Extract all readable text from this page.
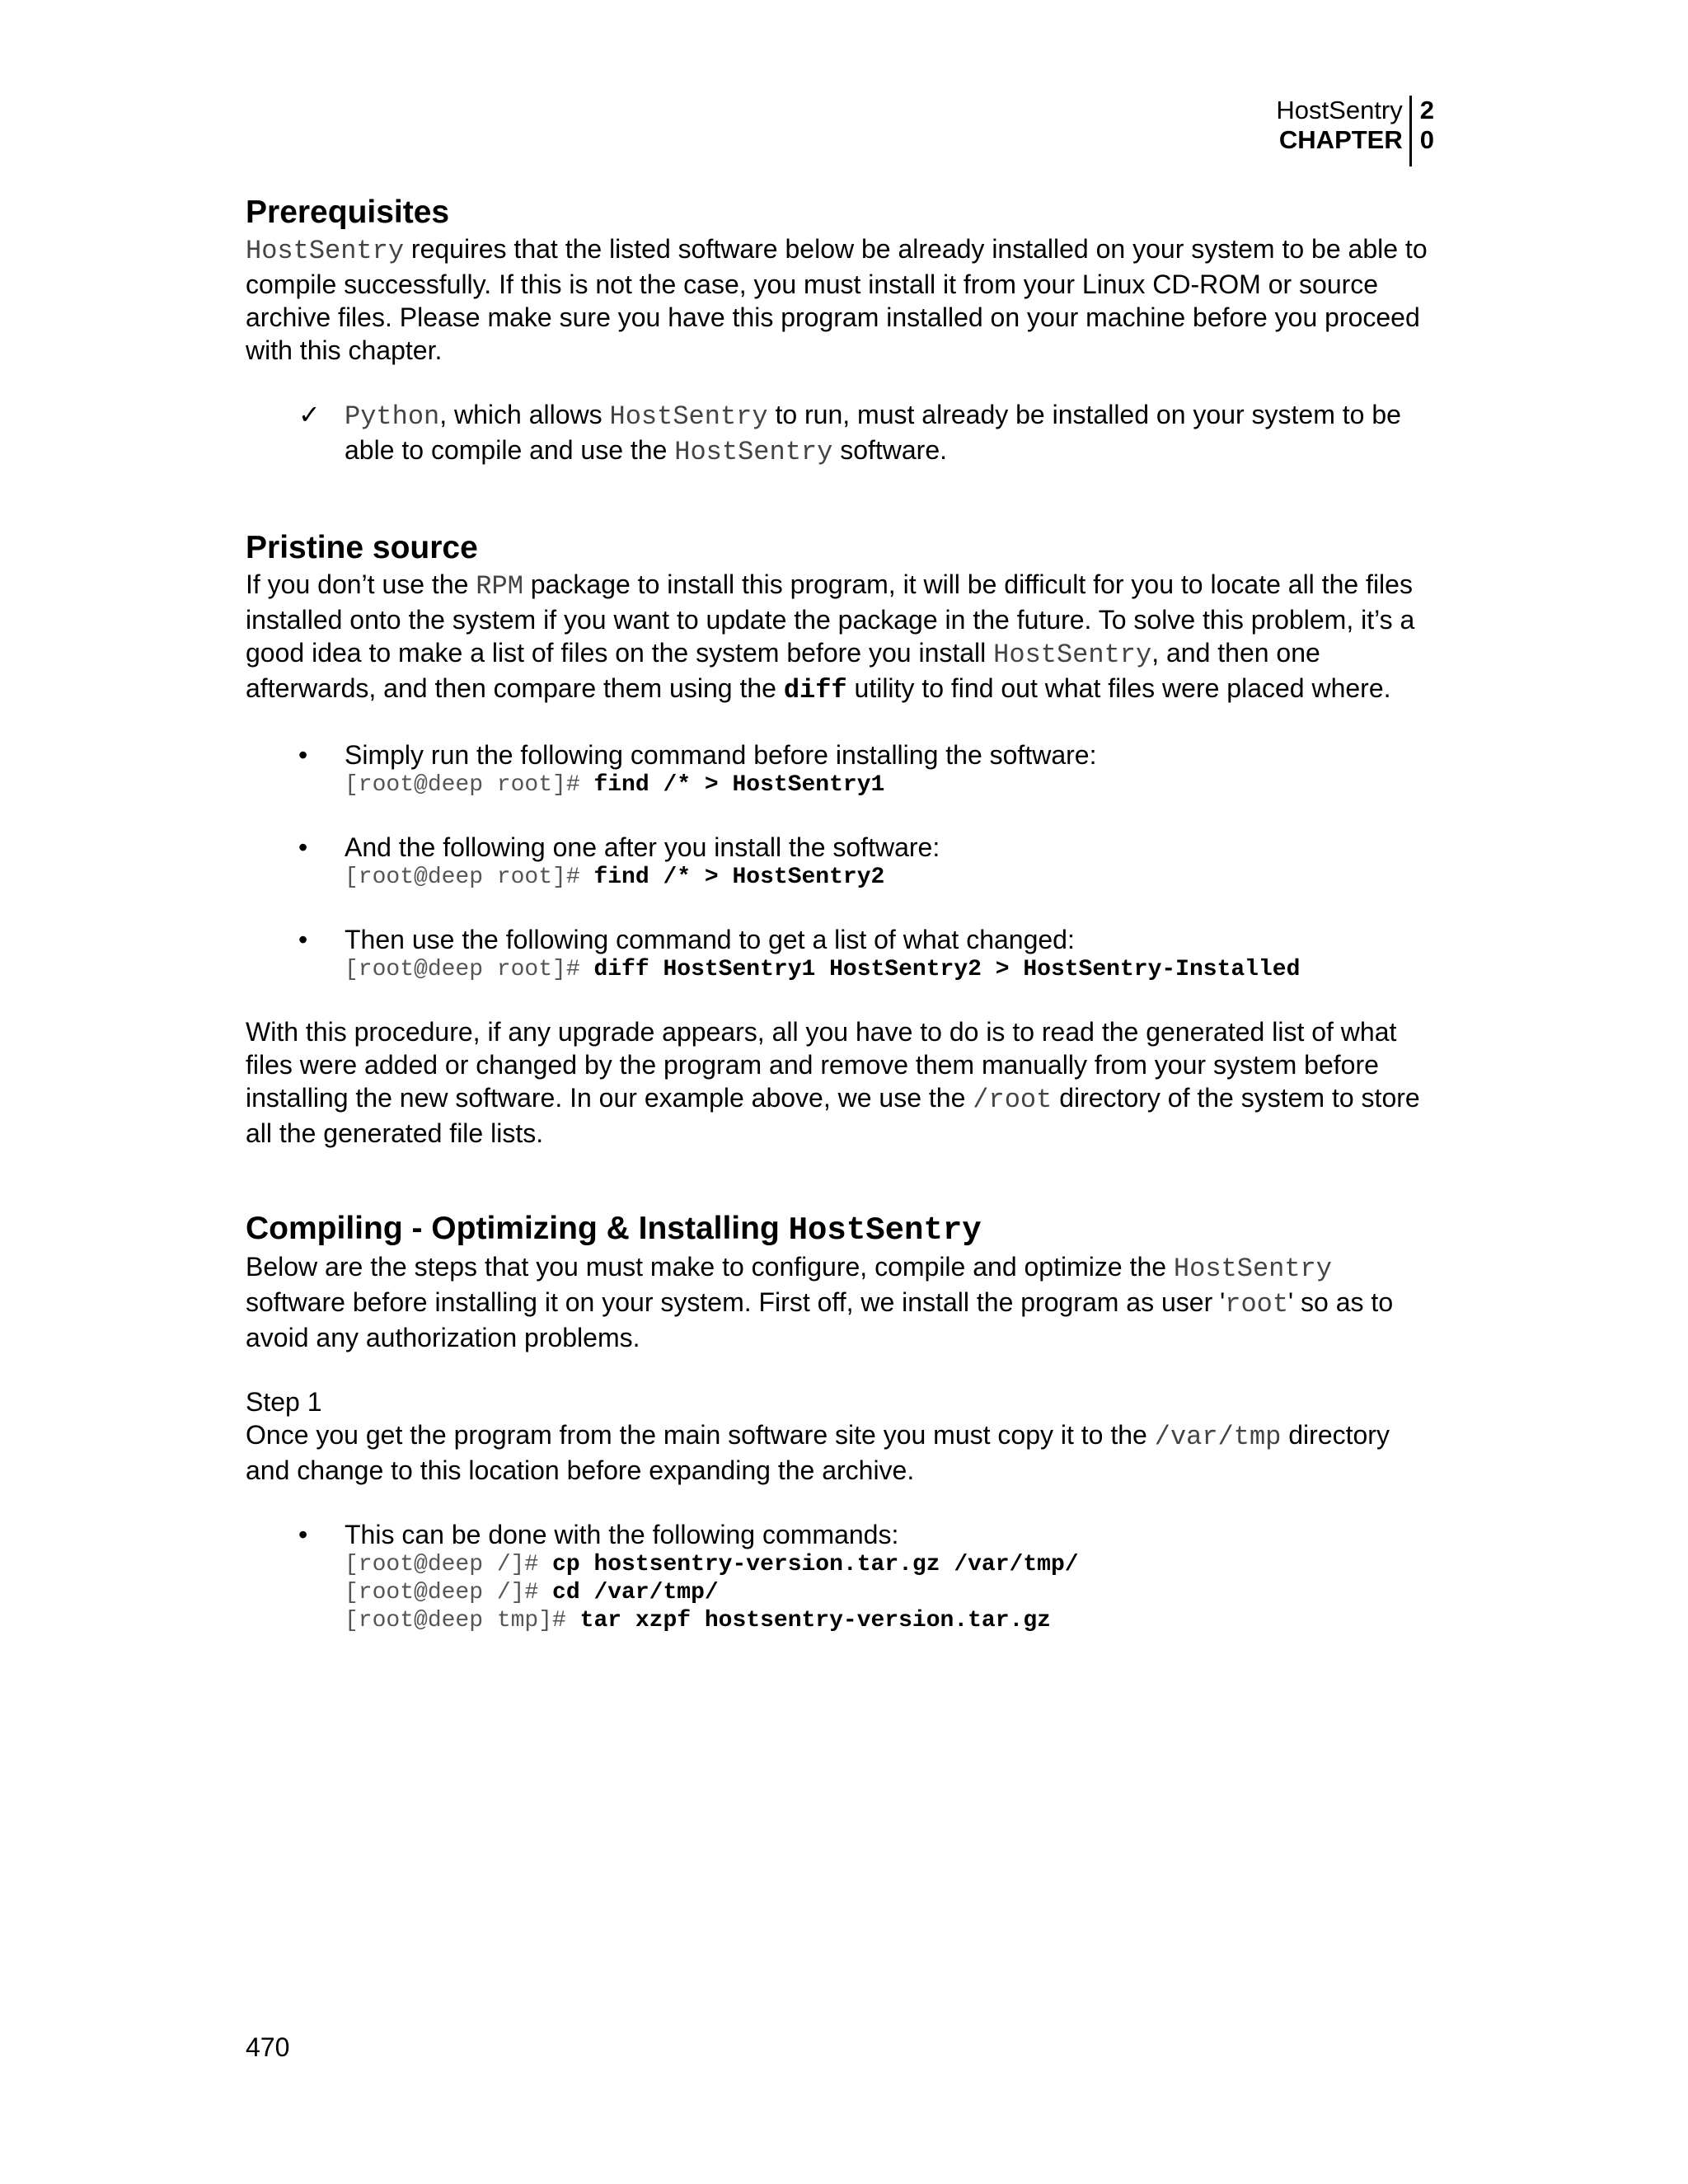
HostSentry
CHAPTER
2
0
Prerequisites

HostSentry requires that the listed software below be already installed on your system to be able to compile successfully. If this is not the case, you must install it from your Linux CD-ROM or source archive files. Please make sure you have this program installed on your machine before you proceed with this chapter.

✓ Python, which allows HostSentry to run, must already be installed on your system to be able to compile and use the HostSentry software.
Pristine source

If you don’t use the RPM package to install this program, it will be difficult for you to locate all the files installed onto the system if you want to update the package in the future. To solve this problem, it’s a good idea to make a list of files on the system before you install HostSentry, and then one afterwards, and then compare them using the diff utility to find out what files were placed where.

•	Simply run the following command before installing the software:
[root@deep root]# find /* > HostSentry1
•	And the following one after you install the software:
[root@deep root]# find /* > HostSentry2
•	Then use the following command to get a list of what changed:
[root@deep root]# diff HostSentry1 HostSentry2 > HostSentry-Installed

With this procedure, if any upgrade appears, all you have to do is to read the generated list of what files were added or changed by the program and remove them manually from your system before installing the new software. In our example above, we use the /root directory of the system to store all the generated file lists.

Compiling - Optimizing & Installing HostSentry

Below are the steps that you must make to configure, compile and optimize the HostSentry software before installing it on your system. First off, we install the program as user 'root' so as to avoid any authorization problems.

Step 1

Once you get the program from the main software site you must copy it to the /var/tmp directory and change to this location before expanding the archive.

•	This can be done with the following commands:
[root@deep /]# cp hostsentry-version.tar.gz /var/tmp/
[root@deep /]# cd /var/tmp/
[root@deep tmp]# tar xzpf hostsentry-version.tar.gz
470
